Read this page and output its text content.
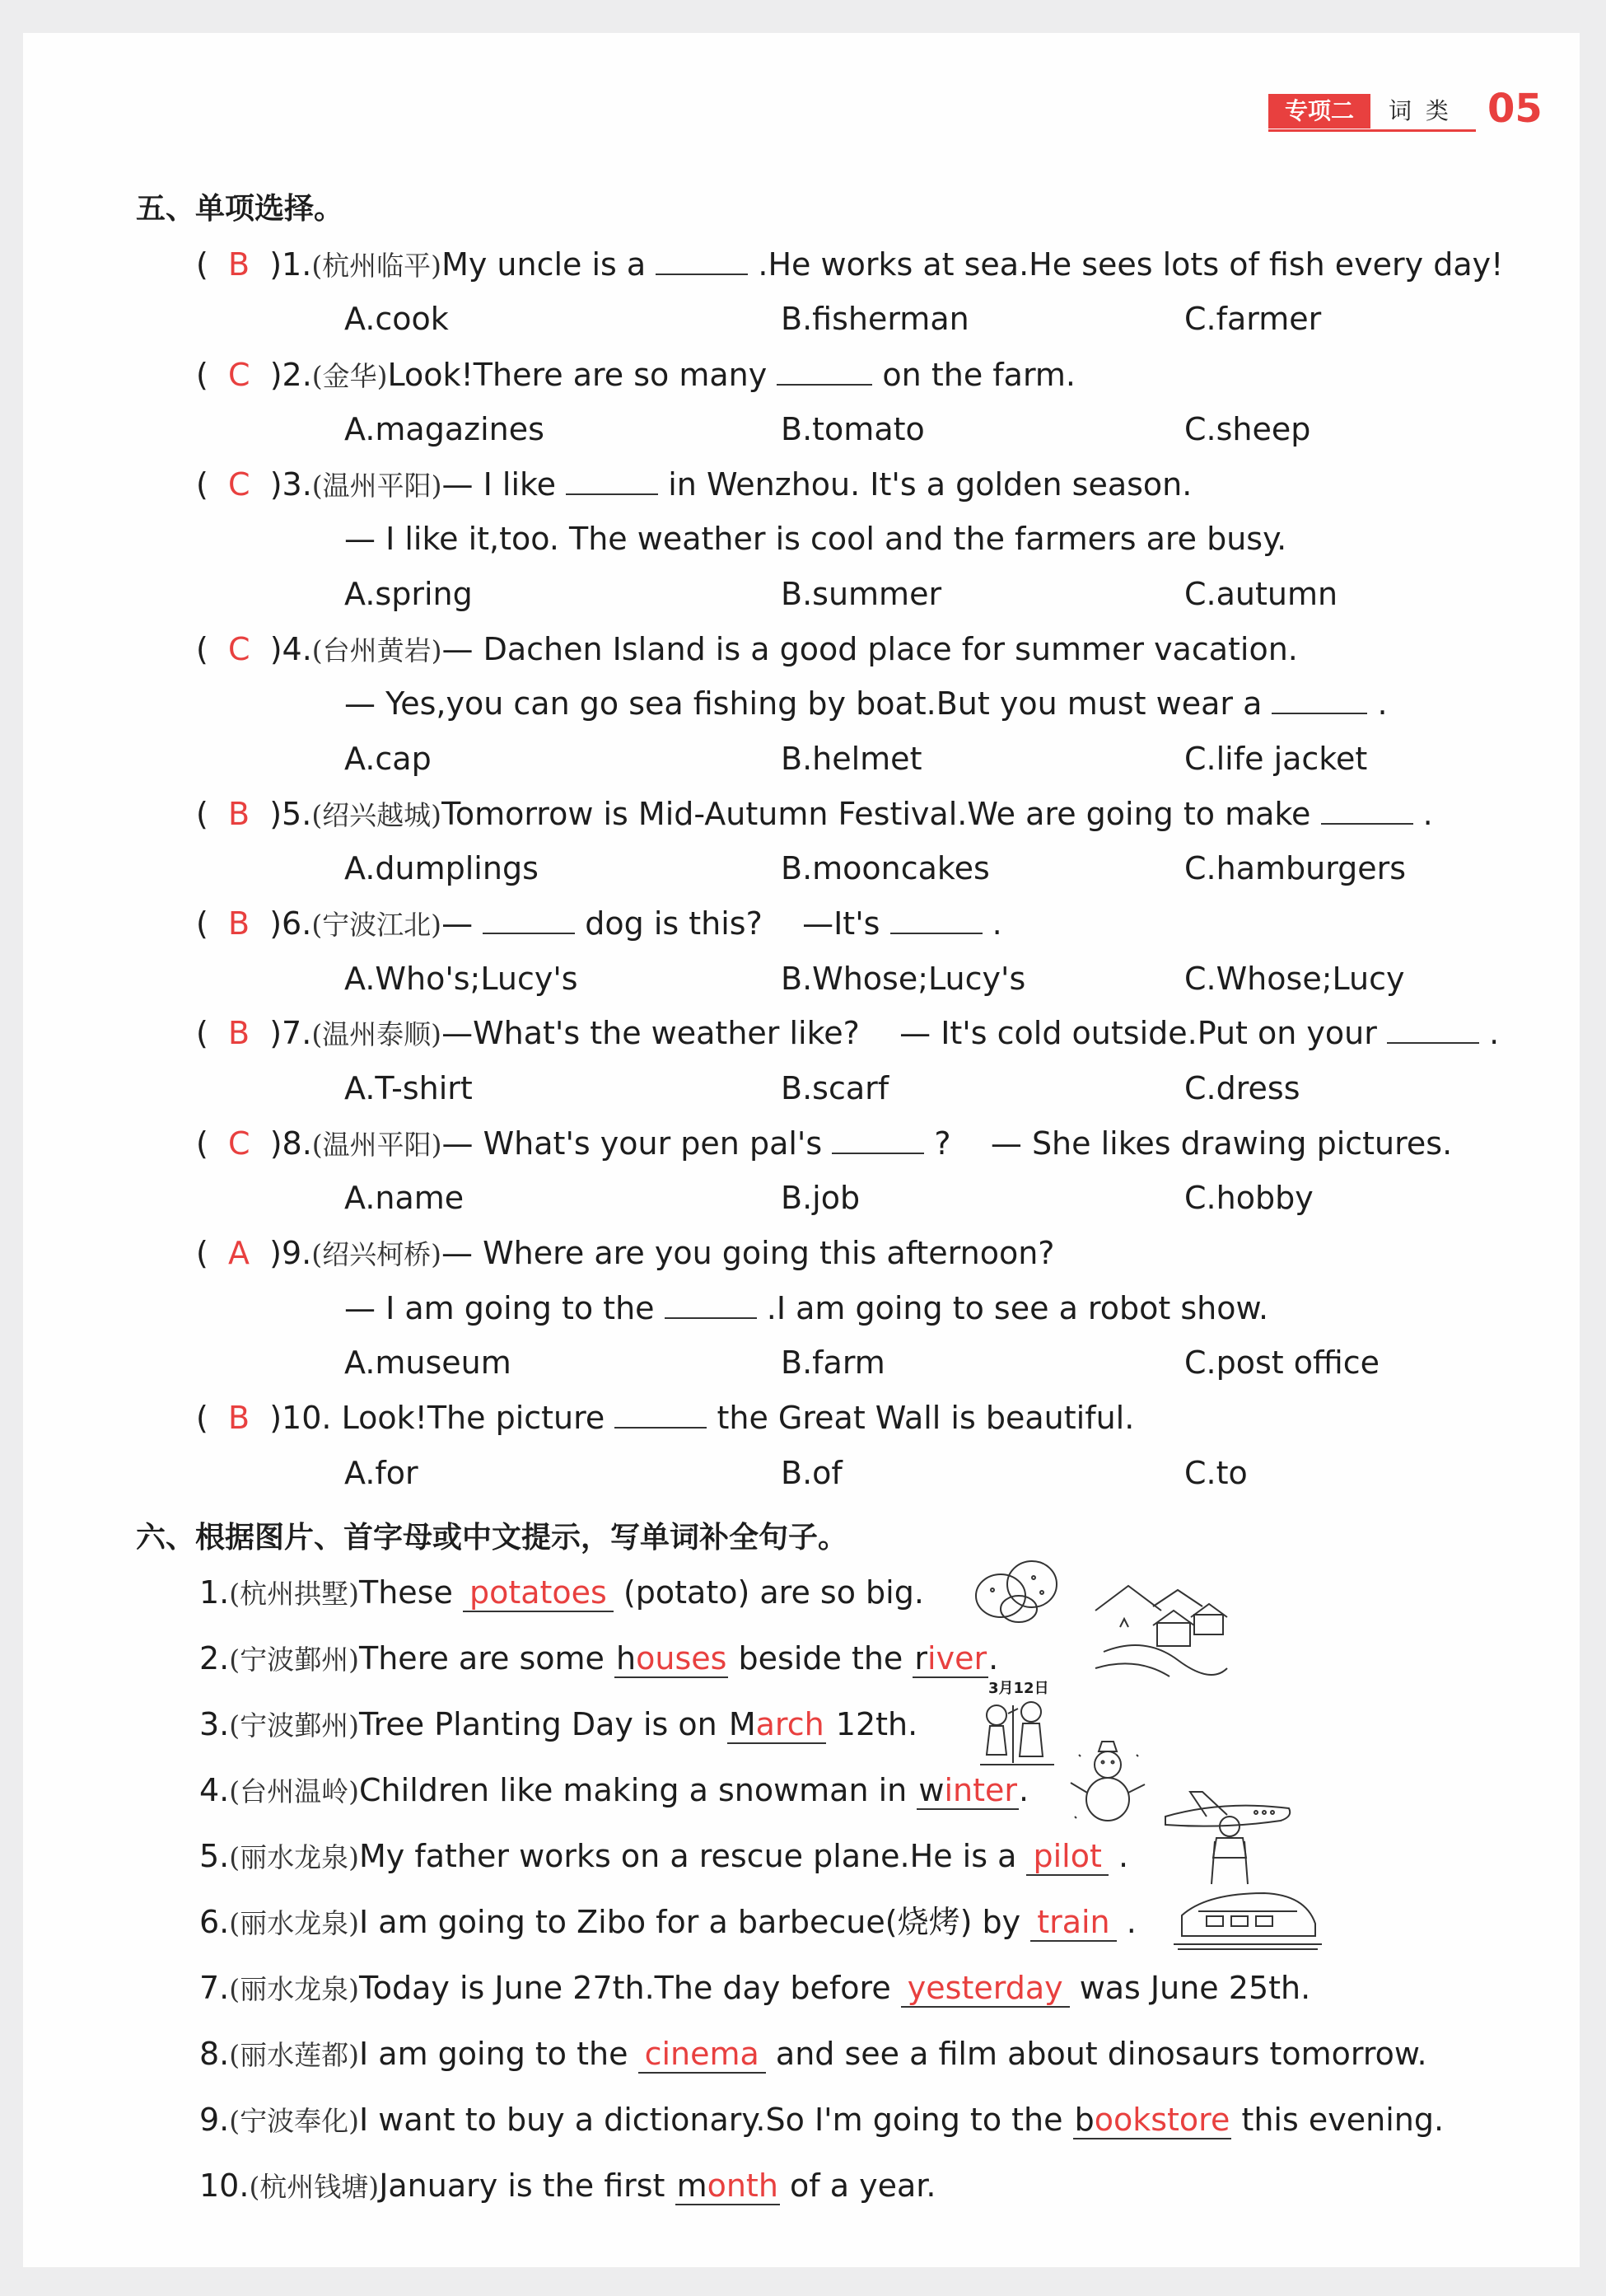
专项二	词 类 05
五、单项选择。
(  B  )1.(杭州临平)My uncle is a	.He works at sea.He sees lots of fish every day!
A.cook	B.fisherman	C.farmer
(  C  )2.(金华)Look!There are so many	on the farm.
A.magazines	B.tomato	C.sheep
(  C  )3.(温州平阳)— I like	in Wenzhou. It's a golden season.
— I like it,too. The weather is cool and the farmers are busy.
A.spring	B.summer	C.autumn
(  C  )4.(台州黄岩)— Dachen Island is a good place for summer vacation.
— Yes,you can go sea fishing by boat.But you must wear a	.
A.cap	B.helmet	C.life jacket
(  B  )5.(绍兴越城)Tomorrow is Mid-Autumn Festival.We are going to make	.
A.dumplings	B.mooncakes	C.hamburgers
(  B  )6.(宁波江北)—	dog is this? —It's	.
A.Who's;Lucy's	B.Whose;Lucy's	C.Whose;Lucy
(  B  )7.(温州泰顺)—What's the weather like? — It's cold outside.Put on your	.
A.T-shirt	B.scarf	C.dress
(  C  )8.(温州平阳)— What's your pen pal's	? — She likes drawing pictures.
A.name	B.job	C.hobby
(  A  )9.(绍兴柯桥)— Where are you going this afternoon?
— I am going to the	.I am going to see a robot show.
A.museum	B.farm	C.post office
(  B  )10. Look!The picture	the Great Wall is beautiful.
A.for	B.of	C.to
六、根据图片、首字母或中文提示，写单词补全句子。
1.(杭州拱墅)These potatoes (potato) are so big.
2.(宁波鄞州)There are some houses beside the river.
3.(宁波鄞州)Tree Planting Day is on March 12th.
4.(台州温岭)Children like making a snowman in winter.
5.(丽水龙泉)My father works on a rescue plane.He is a pilot .
6.(丽水龙泉)I am going to Zibo for a barbecue(烧烤) by train .
7.(丽水龙泉)Today is June 27th.The day before yesterday was June 25th.
8.(丽水莲都)I am going to the cinema and see a film about dinosaurs tomorrow.
9.(宁波奉化)I want to buy a dictionary.So I'm going to the bookstore this evening.
10.(杭州钱塘)January is the first month of a year.
3月12日
